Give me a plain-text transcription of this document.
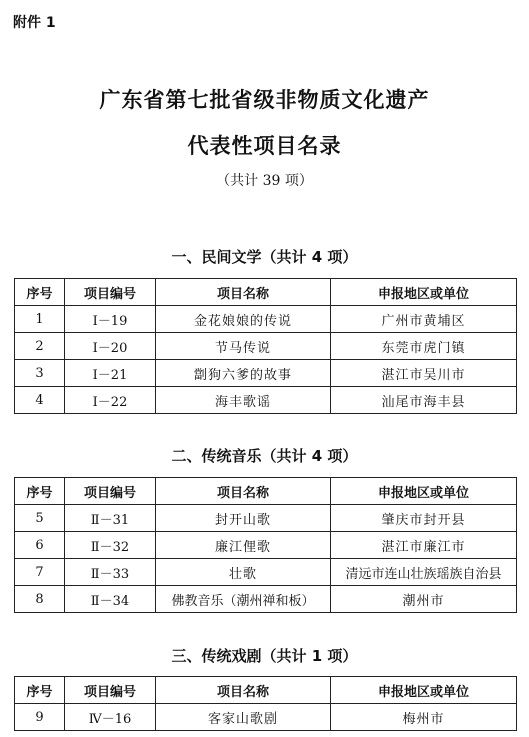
附件 1
广东省第七批省级非物质文化遗产
代表性项目名录
（共计 39 项）
一、民间文学（共计 4 项）
序号	项目编号	项目名称	申报地区或单位
1	Ⅰ－19	金花娘娘的传说	广州市黄埔区
2	Ⅰ－20	节马传说	东莞市虎门镇
3	Ⅰ－21	劏狗六爹的故事	湛江市吴川市
4	Ⅰ－22	海丰歌谣	汕尾市海丰县
二、传统音乐（共计 4 项）
序号	项目编号	项目名称	申报地区或单位
5	Ⅱ－31	封开山歌	肇庆市封开县
6	Ⅱ－32	廉江俚歌	湛江市廉江市
7	Ⅱ－33	壮歌	清远市连山壮族瑶族自治县
8	Ⅱ－34	佛教音乐（潮州禅和板）	潮州市
三、传统戏剧（共计 1 项）
序号	项目编号	项目名称	申报地区或单位
9	Ⅳ－16	客家山歌剧	梅州市
